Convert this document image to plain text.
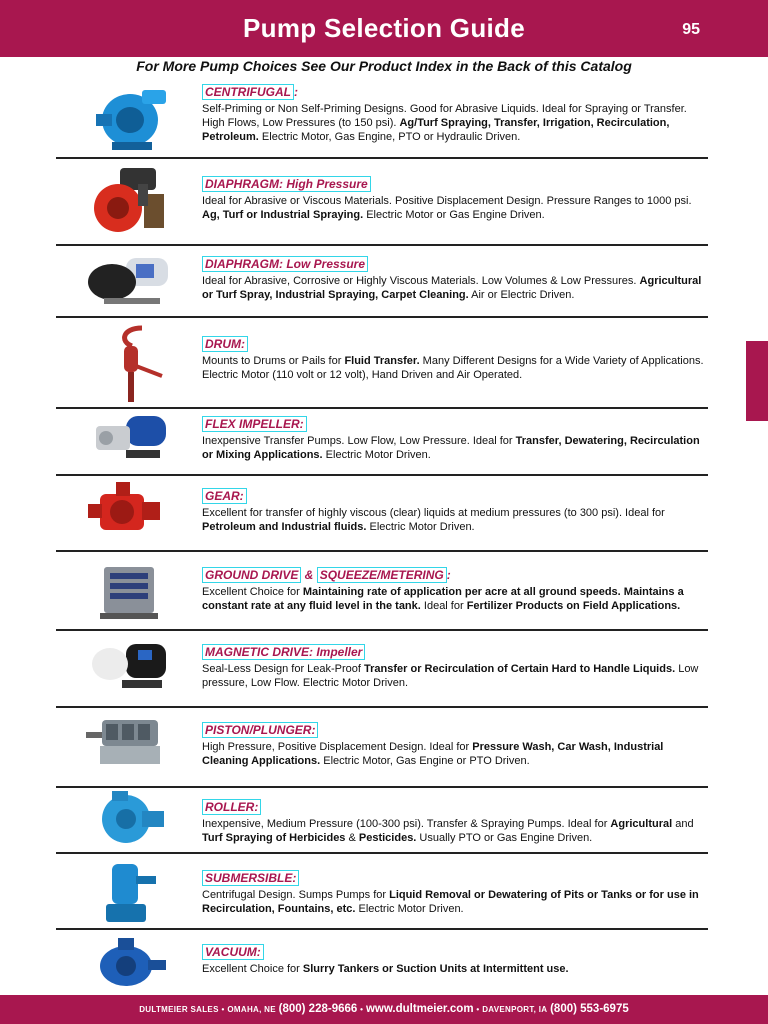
Pump Selection Guide	95
For More Pump Choices See Our Product Index in the Back of this Catalog
CENTRIFUGAL :

Self-Priming or Non Self-Priming Designs. Good for Abrasive Liquids. Ideal for Spraying or Transfer. High Flows, Low Pressures (to 150 psi). Ag/Turf Spraying, Transfer, Irrigation, Recirculation, Petroleum. Electric Motor, Gas Engine, PTO or Hydraulic Driven.

DIAPHRAGM: High Pressure

Ideal for Abrasive or Viscous Materials. Positive Displacement Design. Pressure Ranges to 1000 psi. Ag, Turf or Industrial Spraying. Electric Motor or Gas Engine Driven.

DIAPHRAGM: Low Pressure

Ideal for Abrasive, Corrosive or Highly Viscous Materials. Low Volumes & Low Pressures. Agricultural or Turf Spray, Industrial Spraying, Carpet Cleaning. Air or Electric Driven.

DRUM:

Mounts to Drums or Pails for Fluid Transfer. Many Different Designs for a Wide Variety of Applications. Electric Motor (110 volt or 12 volt), Hand Driven and Air Operated.

FLEX IMPELLER:

Inexpensive Transfer Pumps. Low Flow, Low Pressure. Ideal for Transfer, Dewatering, Recirculation or Mixing Applications. Electric Motor Driven.

GEAR:

Excellent for transfer of highly viscous (clear) liquids at medium pressures (to 300 psi). Ideal for Petroleum and Industrial fluids. Electric Motor Driven.

GROUND DRIVE & SQUEEZE/METERING :

Excellent Choice for Maintaining rate of application per acre at all ground speeds. Maintains a constant rate at any fluid level in the tank. Ideal for Fertilizer Products on Field Applications.

MAGNETIC DRIVE: Impeller

Seal-Less Design for Leak-Proof Transfer or Recirculation of Certain Hard to Handle Liquids. Low pressure, Low Flow. Electric Motor Driven.

PISTON/PLUNGER:

High Pressure, Positive Displacement Design. Ideal for Pressure Wash, Car Wash, Industrial Cleaning Applications. Electric Motor, Gas Engine or PTO Driven.

ROLLER:

Inexpensive, Medium Pressure (100-300 psi). Transfer & Spraying Pumps. Ideal for Agricultural and Turf Spraying of Herbicides & Pesticides. Usually PTO or Gas Engine Driven.

SUBMERSIBLE:

Centrifugal Design. Sumps Pumps for Liquid Removal or Dewatering of Pits or Tanks or for use in Recirculation, Fountains, etc. Electric Motor Driven.

VACUUM:

Excellent Choice for Slurry Tankers or Suction Units at Intermittent use.

DULTMEIER SALES • OMAHA, NE (800) 228-9666 • www.dultmeier.com • DAVENPORT, IA (800) 553-6975
